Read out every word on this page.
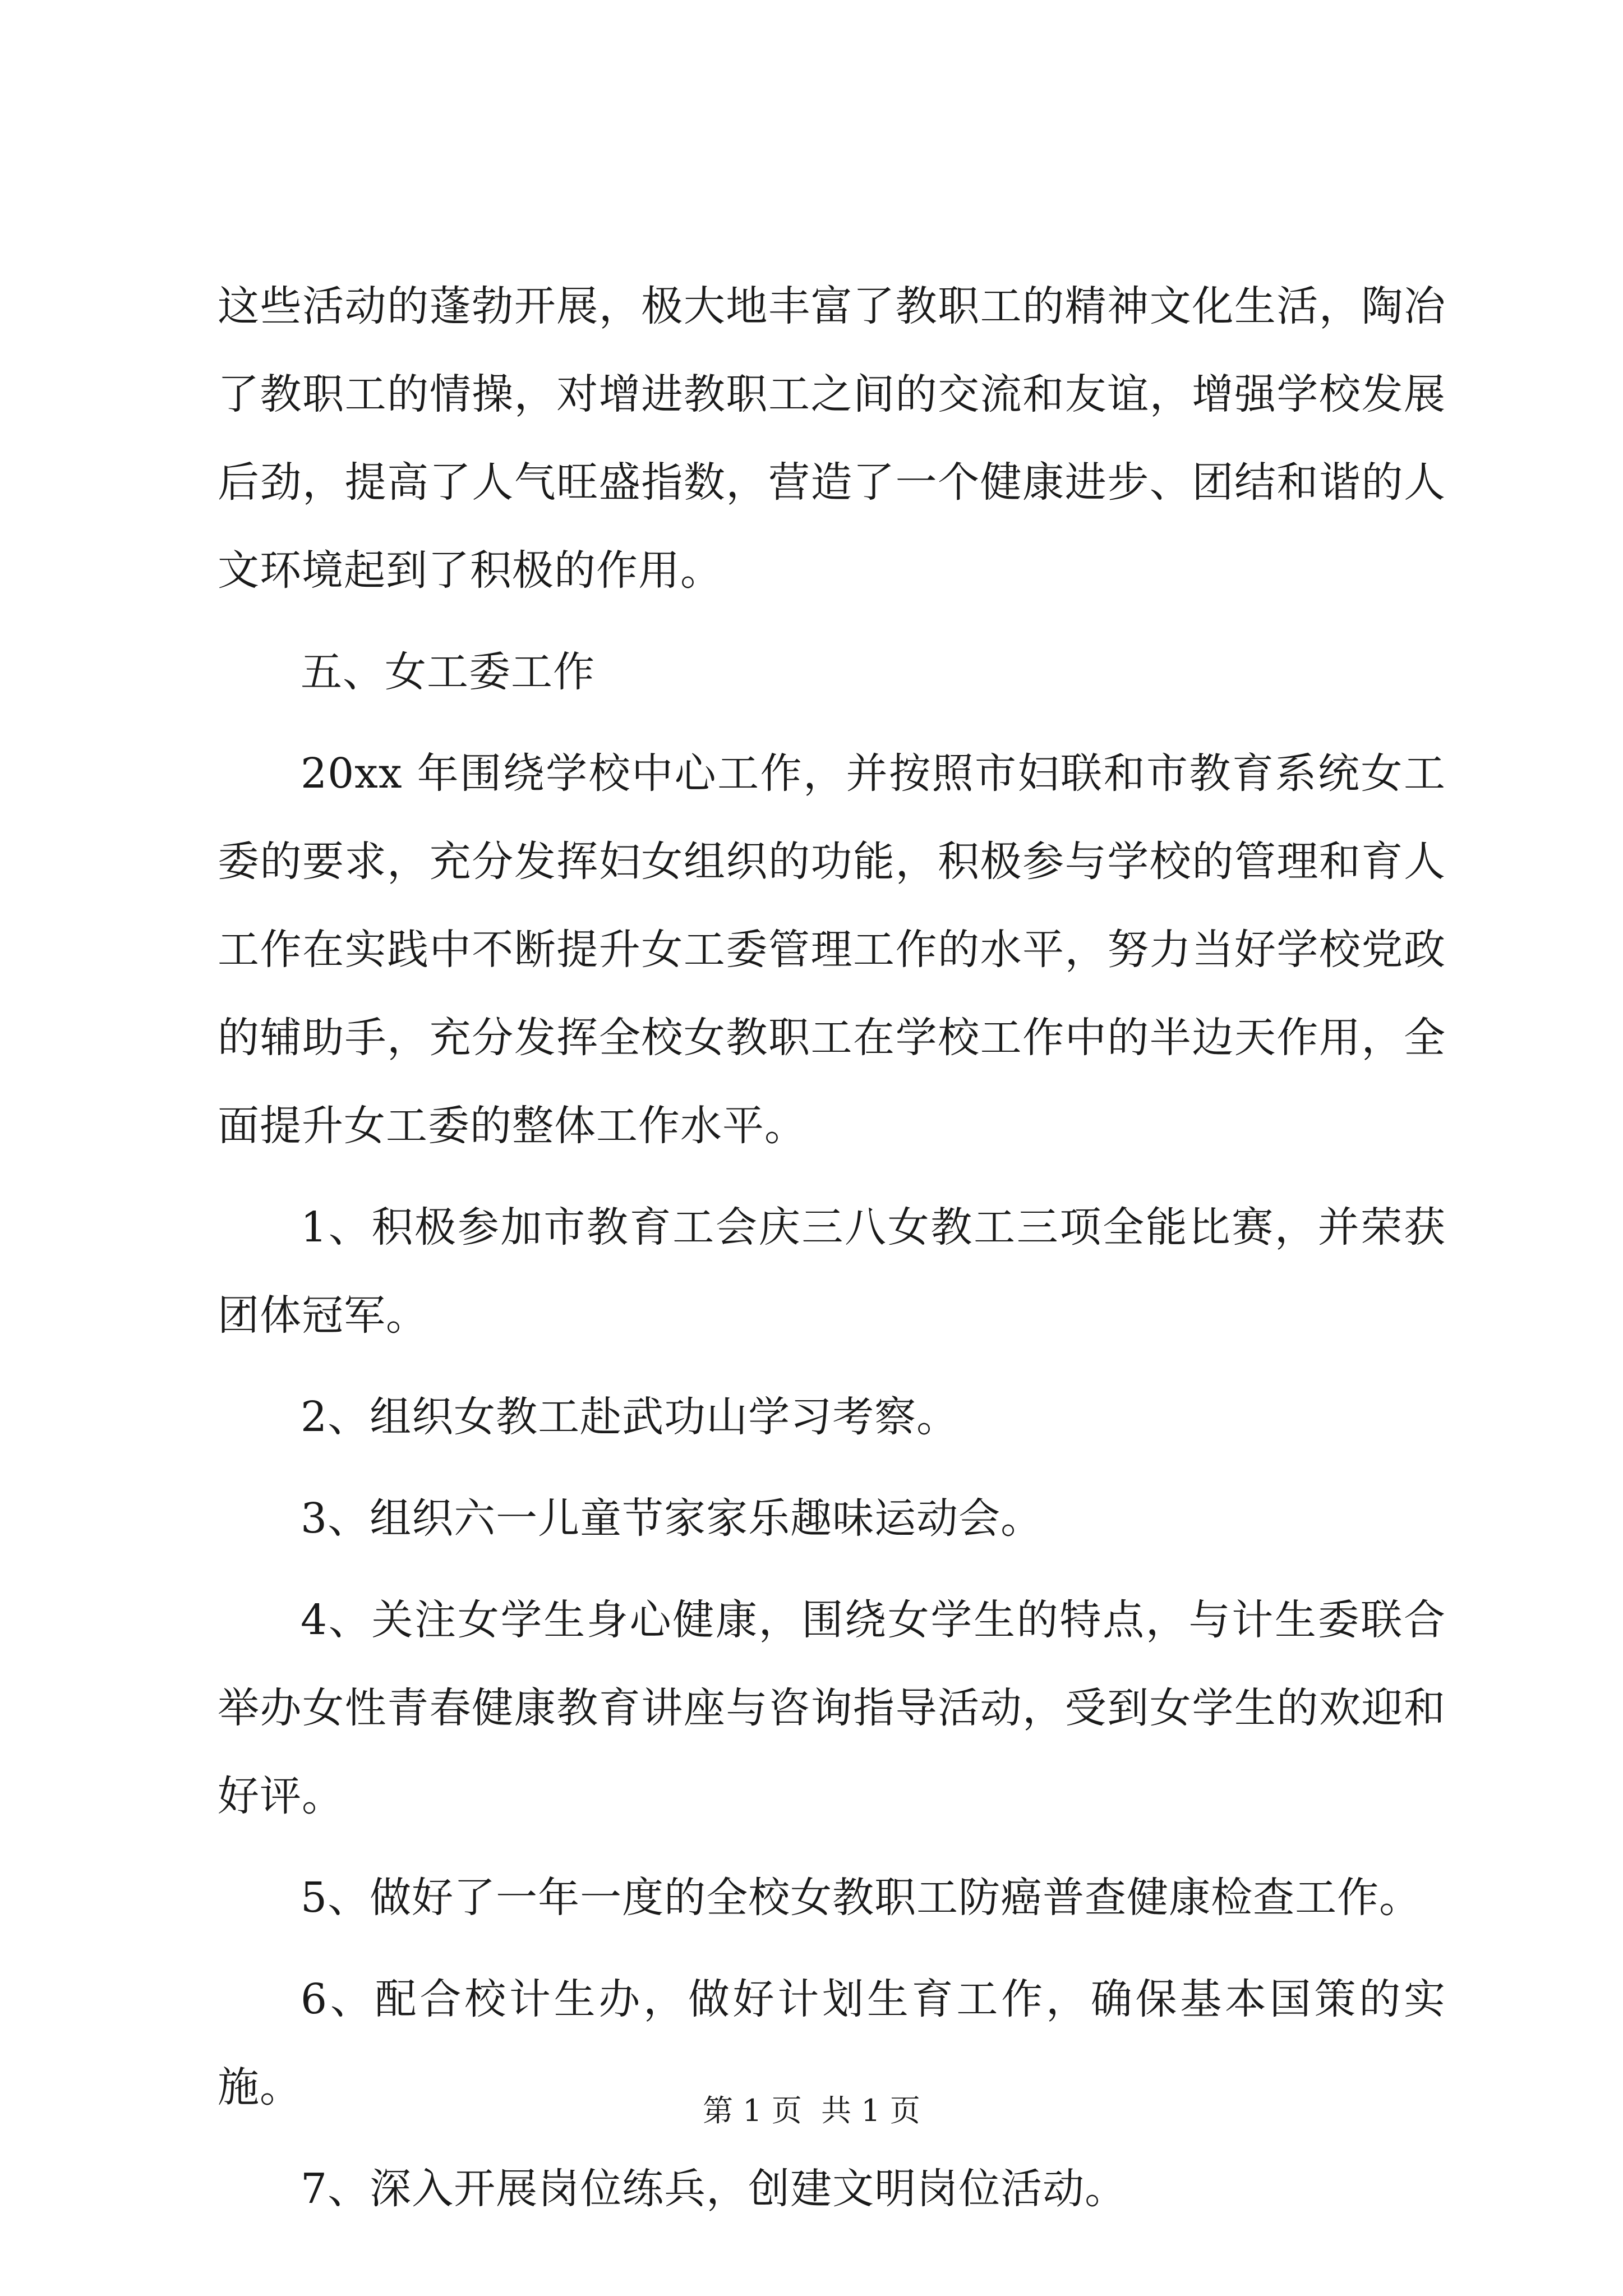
这些活动的蓬勃开展，极大地丰富了教职工的精神文化生活，陶冶了教职工的情操，对增进教职工之间的交流和友谊，增强学校发展后劲，提高了人气旺盛指数，营造了一个健康进步、团结和谐的人文环境起到了积极的作用。

五、女工委工作

20xx 年围绕学校中心工作，并按照市妇联和市教育系统女工委的要求，充分发挥妇女组织的功能，积极参与学校的管理和育人工作在实践中不断提升女工委管理工作的水平，努力当好学校党政的辅助手，充分发挥全校女教职工在学校工作中的半边天作用，全面提升女工委的整体工作水平。

1、积极参加市教育工会庆三八女教工三项全能比赛，并荣获团体冠军。

2、组织女教工赴武功山学习考察。

3、组织六一儿童节家家乐趣味运动会。

4、关注女学生身心健康，围绕女学生的特点，与计生委联合举办女性青春健康教育讲座与咨询指导活动，受到女学生的欢迎和好评。

5、做好了一年一度的全校女教职工防癌普查健康检查工作。

6、配合校计生办，做好计划生育工作，确保基本国策的实施。

7、深入开展岗位练兵，创建文明岗位活动。

第 1 页  共 1 页
